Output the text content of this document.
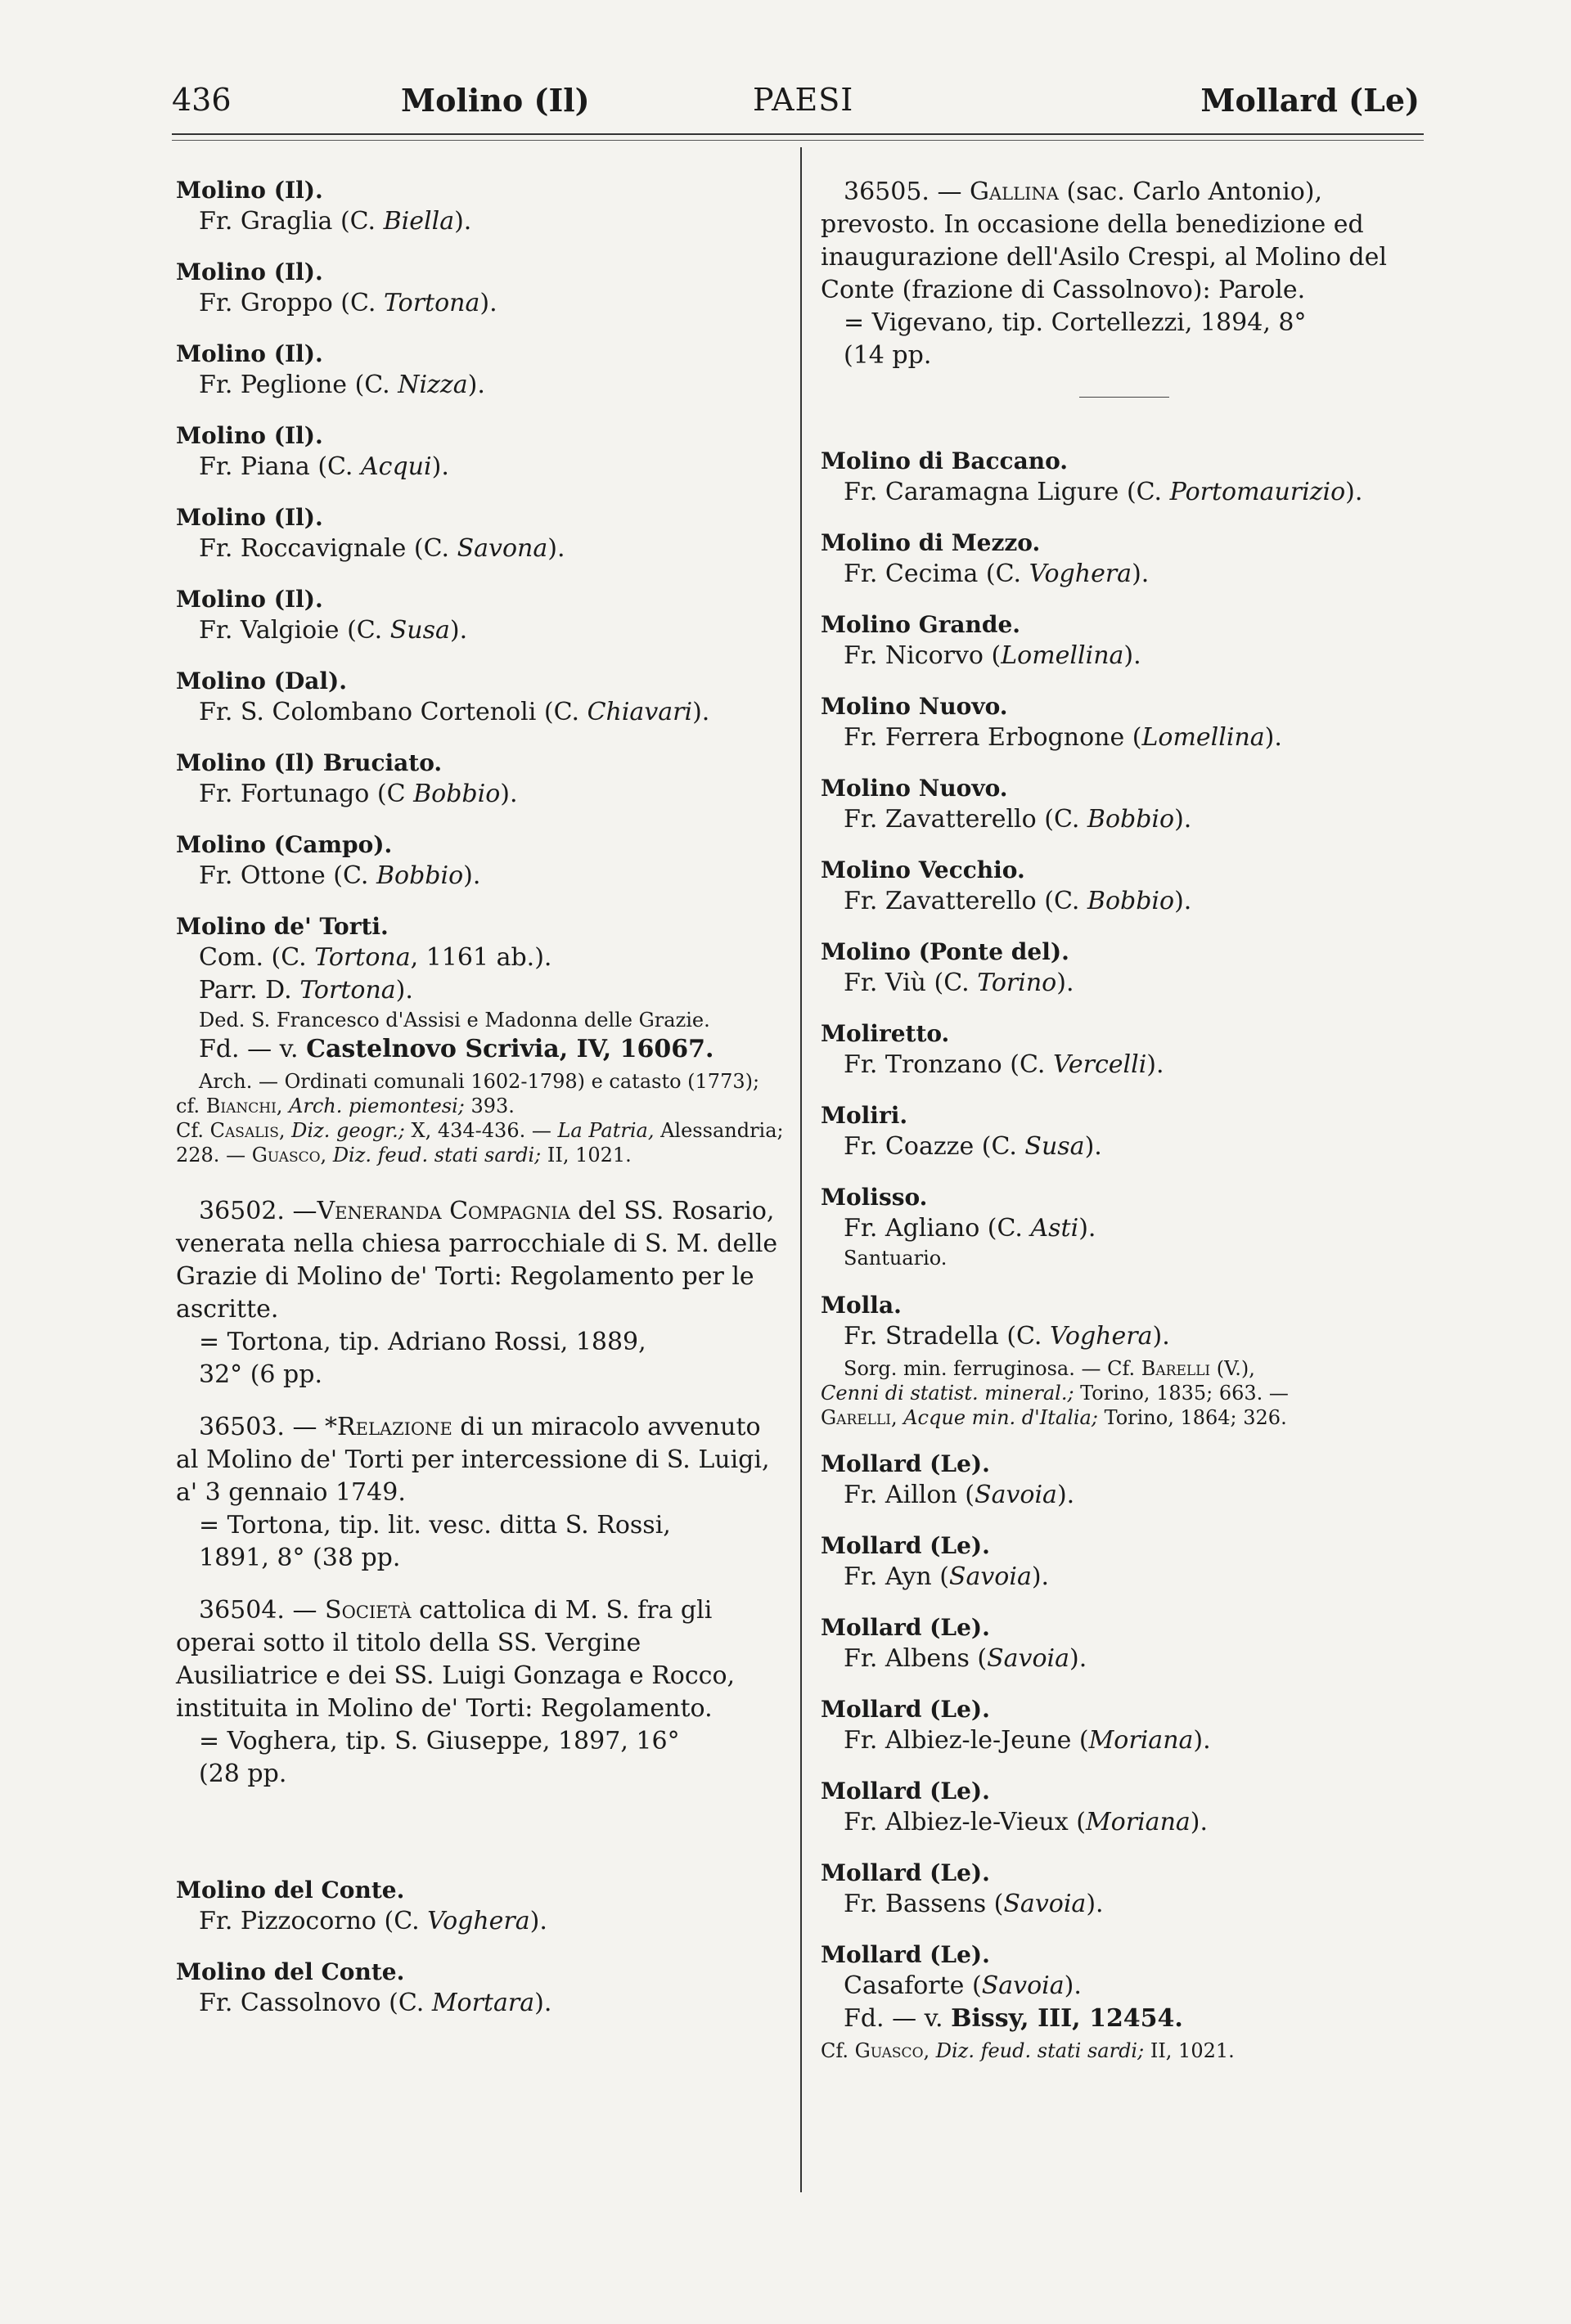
436	Molino (Il)	PAESI	Mollard (Le)
Molino (Il).
Fr. Graglia (C. Biella).
Molino (Il).
Fr. Groppo (C. Tortona).
Molino (Il).
Fr. Peglione (C. Nizza).
Molino (Il).
Fr. Piana (C. Acqui).
Molino (Il).
Fr. Roccavignale (C. Savona).
Molino (Il).
Fr. Valgioie (C. Susa).
Molino (Dal).
Fr. S. Colombano Cortenoli (C. Chiavari).
Molino (Il) Bruciato.
Fr. Fortunago (C Bobbio).
Molino (Campo).
Fr. Ottone (C. Bobbio).
Molino de' Torti.
Com. (C. Tortona, 1161 ab.).
Parr. D. Tortona).
Ded. S. Francesco d'Assisi e Madonna delle Grazie.
Fd. — v. Castelnovo Scrivia, IV, 16067.
Arch. — Ordinati comunali 1602-1798) e catasto (1773); cf. Bianchi, Arch. piemontesi; 393.
Cf. Casalis, Diz. geogr.; X, 434-436. — La Patria, Alessandria; 228. — Guasco, Diz. feud. stati sardi; II, 1021.

36502. —Veneranda Compagnia del SS. Rosario, venerata nella chiesa parrocchiale di S. M. delle Grazie di Molino de' Torti: Regolamento per le ascritte.

= Tortona, tip. Adriano Rossi, 1889,
32° (6 pp.

36503. — *Relazione di un miracolo avvenuto al Molino de' Torti per intercessione di S. Luigi, a' 3 gennaio 1749.

= Tortona, tip. lit. vesc. ditta S. Rossi,
1891, 8° (38 pp.

36504. — Società cattolica di M. S. fra gli operai sotto il titolo della SS. Vergine Ausiliatrice e dei SS. Luigi Gonzaga e Rocco, instituita in Molino de' Torti: Regolamento.

= Voghera, tip. S. Giuseppe, 1897, 16°
(28 pp.
Molino del Conte.
Fr. Pizzocorno (C. Voghera).
Molino del Conte.
Fr. Cassolnovo (C. Mortara).

36505. — Gallina (sac. Carlo Antonio), prevosto. In occasione della benedizione ed inaugurazione dell'Asilo Crespi, al Molino del Conte (frazione di Cassolnovo): Parole.

= Vigevano, tip. Cortellezzi, 1894, 8°
(14 pp.
Molino di Baccano.
Fr. Caramagna Ligure (C. Portomaurizio).
Molino di Mezzo.
Fr. Cecima (C. Voghera).
Molino Grande.
Fr. Nicorvo (Lomellina).
Molino Nuovo.
Fr. Ferrera Erbognone (Lomellina).
Molino Nuovo.
Fr. Zavatterello (C. Bobbio).
Molino Vecchio.
Fr. Zavatterello (C. Bobbio).
Molino (Ponte del).
Fr. Viù (C. Torino).
Moliretto.
Fr. Tronzano (C. Vercelli).
Moliri.
Fr. Coazze (C. Susa).
Molisso.
Fr. Agliano (C. Asti).
Santuario.
Molla.
Fr. Stradella (C. Voghera).
Sorg. min. ferruginosa. — Cf. Barelli (V.),
Cenni di statist. mineral.; Torino, 1835; 663. —
Garelli, Acque min. d'Italia; Torino, 1864; 326.
Mollard (Le).
Fr. Aillon (Savoia).
Mollard (Le).
Fr. Ayn (Savoia).
Mollard (Le).
Fr. Albens (Savoia).
Mollard (Le).
Fr. Albiez-le-Jeune (Moriana).
Mollard (Le).
Fr. Albiez-le-Vieux (Moriana).
Mollard (Le).
Fr. Bassens (Savoia).
Mollard (Le).
Casaforte (Savoia).
Fd. — v. Bissy, III, 12454.
Cf. Guasco, Diz. feud. stati sardi; II, 1021.
